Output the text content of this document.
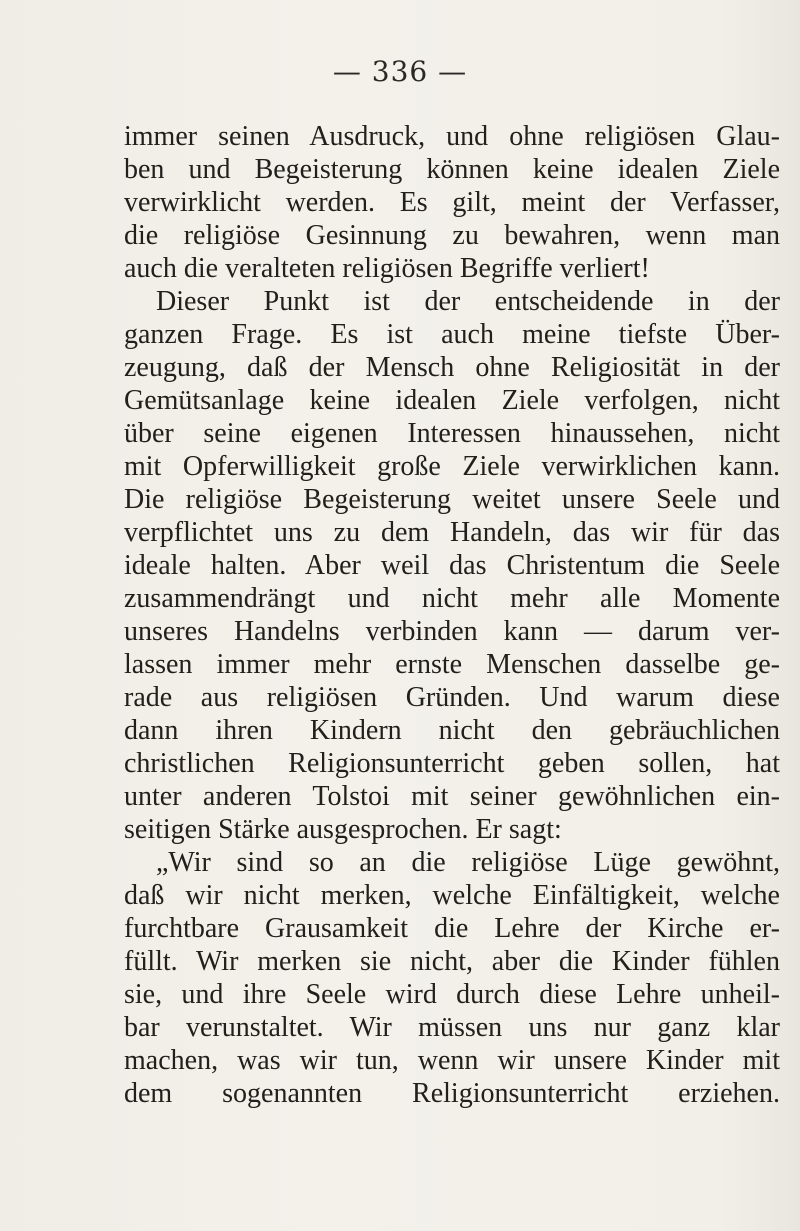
— 336 —
immer seinen Ausdruck, und ohne religiösen Glau-
ben und Begeisterung können keine idealen Ziele
verwirklicht werden. Es gilt, meint der Verfasser,
die religiöse Gesinnung zu bewahren, wenn man
auch die veralteten religiösen Begriffe verliert!
Dieser Punkt ist der entscheidende in der
ganzen Frage. Es ist auch meine tiefste Über-
zeugung, daß der Mensch ohne Religiosität in der
Gemütsanlage keine idealen Ziele verfolgen, nicht
über seine eigenen Interessen hinaussehen, nicht
mit Opferwilligkeit große Ziele verwirklichen kann.
Die religiöse Begeisterung weitet unsere Seele und
verpflichtet uns zu dem Handeln, das wir für das
ideale halten. Aber weil das Christentum die Seele
zusammendrängt und nicht mehr alle Momente
unseres Handelns verbinden kann — darum ver-
lassen immer mehr ernste Menschen dasselbe ge-
rade aus religiösen Gründen. Und warum diese
dann ihren Kindern nicht den gebräuchlichen
christlichen Religionsunterricht geben sollen, hat
unter anderen Tolstoi mit seiner gewöhnlichen ein-
seitigen Stärke ausgesprochen. Er sagt:
„Wir sind so an die religiöse Lüge gewöhnt,
daß wir nicht merken, welche Einfältigkeit, welche
furchtbare Grausamkeit die Lehre der Kirche er-
füllt. Wir merken sie nicht, aber die Kinder fühlen
sie, und ihre Seele wird durch diese Lehre unheil-
bar verunstaltet. Wir müssen uns nur ganz klar
machen, was wir tun, wenn wir unsere Kinder mit
dem sogenannten Religionsunterricht erziehen.
